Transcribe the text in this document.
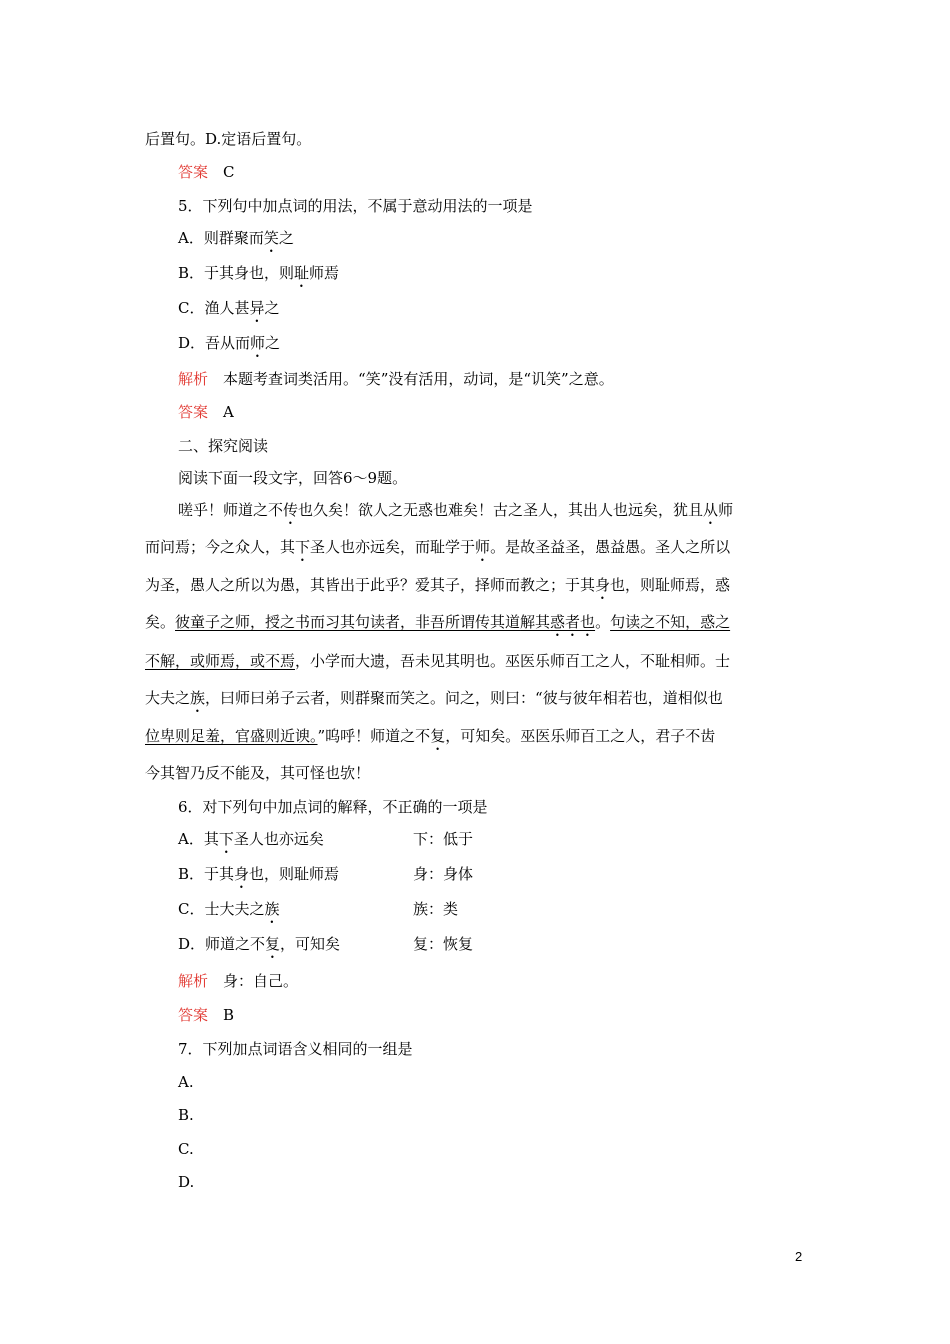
后置句。D.定语后置句。
答案　 C
5．下列句中加点词的用法，不属于意动用法的一项是
A．则群聚而笑之
B．于其身也，则耻师焉
C．渔人甚异之
D．吾从而师之
解析　 本题考查词类活用。“笑”没有活用，动词，是“讥笑”之意。
答案　 A
二、探究阅读
阅读下面一段文字，回答6～9题。
嗟乎！师道之不传也久矣！欲人之无惑也难矣！古之圣人，其出人也远矣，犹且从师
而问焉；今之众人，其下圣人也亦远矣，而耻学于师。是故圣益圣，愚益愚。圣人之所以
为圣，愚人之所以为愚，其皆出于此乎？爱其子，择师而教之；于其身也，则耻师焉，惑
矣。彼童子之师，授之书而习其句读者，非吾所谓传其道解其惑者也。句读之不知，惑之
不解，或师焉，或不焉，小学而大遗，吾未见其明也。巫医乐师百工之人，不耻相师。士
大夫之族，曰师曰弟子云者，则群聚而笑之。问之，则曰：“彼与彼年相若也，道相似也
位卑则足羞，官盛则近谀。”呜呼！师道之不复，可知矣。巫医乐师百工之人，君子不齿
今其智乃反不能及，其可怪也欤！
6．对下列句中加点词的解释，不正确的一项是
A．其下圣人也亦远矣	下：低于
B．于其身也，则耻师焉	身：身体
C．士大夫之族	族：类
D．师道之不复，可知矣	复：恢复
解析　 身：自己。
答案　 B
7．下列加点词语含义相同的一组是
A.
B.
C.
D.
2
